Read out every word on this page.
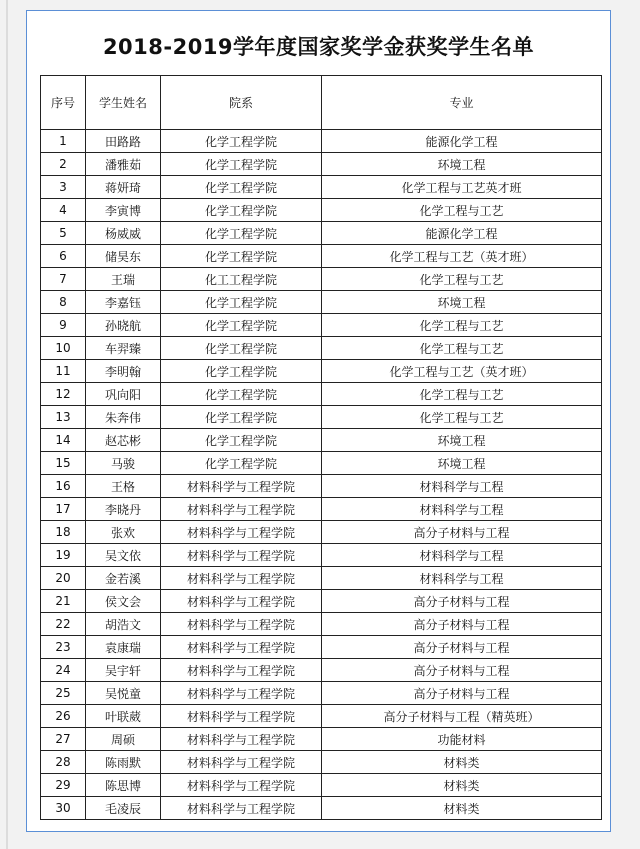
2018-2019学年度国家奖学金获奖学生名单
序号	学生姓名	院系	专业
1	田路路	化学工程学院	能源化学工程
2	潘雅茹	化学工程学院	环境工程
3	蒋妍琦	化学工程学院	化学工程与工艺英才班
4	李寅博	化学工程学院	化学工程与工艺
5	杨威威	化学工程学院	能源化学工程
6	储昊东	化学工程学院	化学工程与工艺（英才班）
7	王瑞	化工工程学院	化学工程与工艺
8	李嘉钰	化学工程学院	环境工程
9	孙晓航	化学工程学院	化学工程与工艺
10	车羿臻	化学工程学院	化学工程与工艺
11	李明翰	化学工程学院	化学工程与工艺（英才班）
12	巩向阳	化学工程学院	化学工程与工艺
13	朱奔伟	化学工程学院	化学工程与工艺
14	赵芯彬	化学工程学院	环境工程
15	马骏	化学工程学院	环境工程
16	王格	材料科学与工程学院	材料科学与工程
17	李晓丹	材料科学与工程学院	材料科学与工程
18	张欢	材料科学与工程学院	高分子材料与工程
19	吴文依	材料科学与工程学院	材料科学与工程
20	金若溪	材料科学与工程学院	材料科学与工程
21	侯文会	材料科学与工程学院	高分子材料与工程
22	胡浩文	材料科学与工程学院	高分子材料与工程
23	袁康瑞	材料科学与工程学院	高分子材料与工程
24	吴宇轩	材料科学与工程学院	高分子材料与工程
25	吴悦童	材料科学与工程学院	高分子材料与工程
26	叶联葳	材料科学与工程学院	高分子材料与工程（精英班）
27	周硕	材料科学与工程学院	功能材料
28	陈雨默	材料科学与工程学院	材料类
29	陈思博	材料科学与工程学院	材料类
30	毛凌辰	材料科学与工程学院	材料类
